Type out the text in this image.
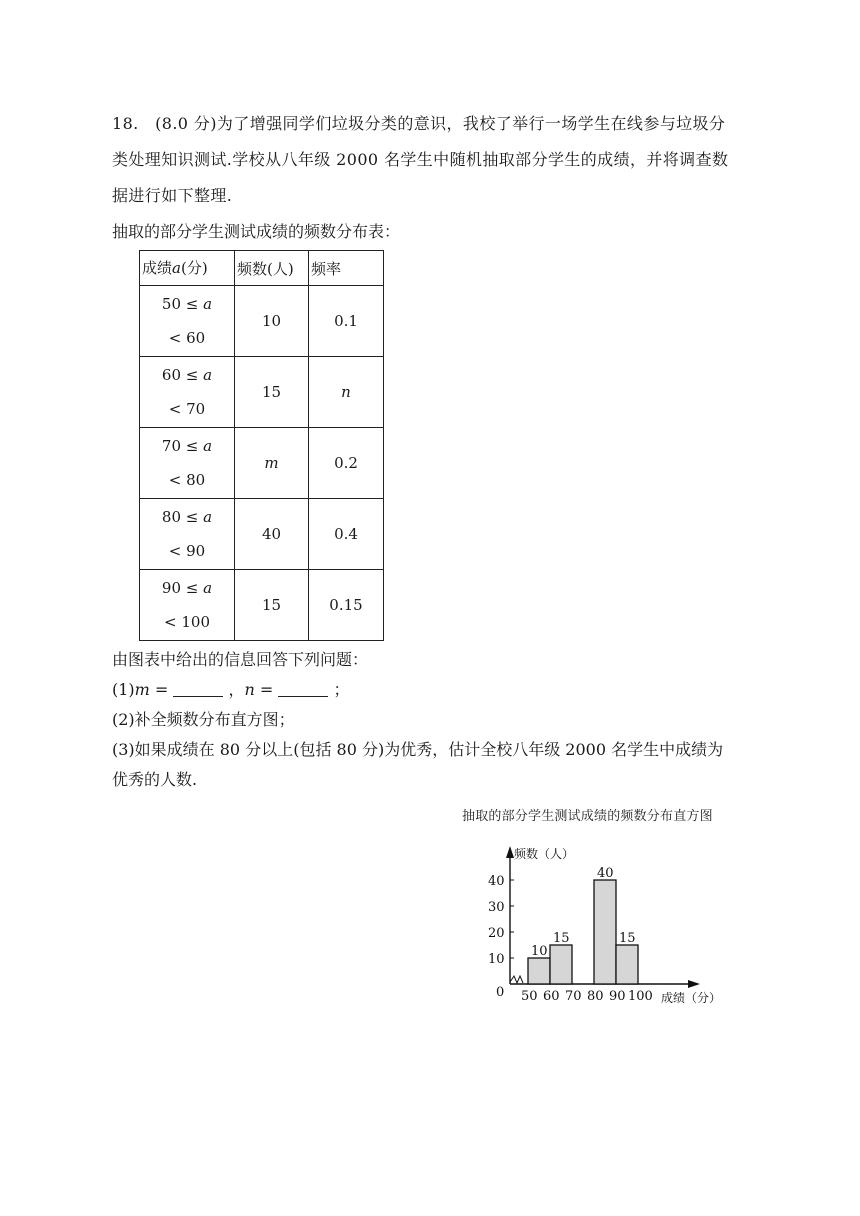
18.   (8.0 分)为了增强同学们垃圾分类的意识，我校了举行一场学生在线参与垃圾分
类处理知识测试.学校从八年级 2000 名学生中随机抽取部分学生的成绩，并将调查数
据进行如下整理.
抽取的部分学生测试成绩的频数分布表：
成绩a(分)	频数(人)	频率

50 ≤ a
< 60	10	0.1

60 ≤ a
< 70	15	n

70 ≤ a
< 80	m	0.2

80 ≤ a
< 90	40	0.4

90 ≤ a
< 100	15	0.15
由图表中给出的信息回答下列问题：
(1)m =	，n =	；
(2)补全频数分布直方图；
(3)如果成绩在 80 分以上(包括 80 分)为优秀，估计全校八年级 2000 名学生中成绩为
优秀的人数.
抽取的部分学生测试成绩的频数分布直方图
频数（人）
0
10
20
30
40
50 60 70 80 90 100 成绩（分）
10
15
40
15
